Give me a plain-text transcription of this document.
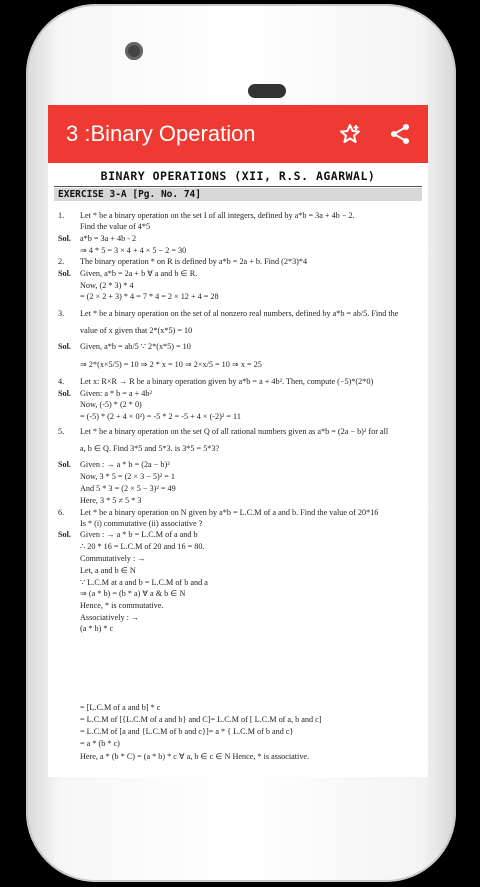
3 :Binary Operation
BINARY OPERATIONS (XII, R.S. AGARWAL)
EXERCISE 3-A [Pg. No. 74]
1. Let * be a binary operation on the set I of all integers, defined by a*b = 3a + 4b − 2.
Find the value of 4*5
Sol. a*b = 3a + 4b - 2
⇒ 4 * 5 = 3 × 4 + 4 × 5 − 2 = 30
2. The binary operation * on R is defined by a*b = 2a + b. Find (2*3)*4
Sol. Given, a*b = 2a + b ∀ a and b ∈ R.
Now, (2 * 3) * 4
= (2 × 2 + 3) * 4 = 7 * 4 = 2 × 12 + 4 = 28
3. Let * be a binary operation on the set of al nonzero real numbers, defined by a*b = ab/5. Find the
value of x given that 2*(x*5) = 10
Sol. Given, a*b = ab/5 ∵ 2*(x*5) = 10
⇒ 2*(x×5/5) = 10 ⇒ 2 * x = 10 ⇒ 2×x/5 = 10 ⇒ x = 25
4. Let x: R×R → R be a binary operation given by a*b = a + 4b². Then, compute (−5)*(2*0)
Sol. Given: a * b = a + 4b²
Now, (-5) * (2 * 0)
= (-5) * (2 + 4 × 0²) = -5 * 2 = -5 + 4 × (-2)² = 11
5. Let * be a binary operation on the set Q of all rational numbers given as a*b = (2a − b)² for all
a, b ∈ Q. Find 3*5 and 5*3. is 3*5 = 5*3?
Sol. Given : → a * b = (2a − b)²
Now, 3 * 5 = (2 × 3 − 5)² = 1
And 5 * 3 = (2 × 5 − 3)² = 49
Here, 3 * 5 ≠ 5 * 3
6. Let * be a binary operation on N given by a*b = L.C.M of a and b. Find the value of 20*16
Is * (i) commutative (ii) associative ?
Sol. Given : → a * b = L.C.M of a and b
∴ 20 * 16 = L.C.M of 20 and 16 = 80.
Commutatively : →
Let, a and b ∈ N
∵ L.C.M at a and b = L.C.M of b and a
⇒ (a * b) = (b * a) ∀ a & b ∈ N
Hence, * is commutative.
Associatively : →
(a * b) * c
= [L.C.M of a and b] * c
= L.C.M of [{L.C.M of a and b} and C]= L.C.M of [ L.C.M of a, b and c]
= L.C.M of [a and {L.C.M of b and c}]= a * { L.C.M of b and c}
= a * (b * c)
Here, a * (b * C) = (a * b) * c ∀ a, b ∈ c ∈ N Hence, * is associative.
